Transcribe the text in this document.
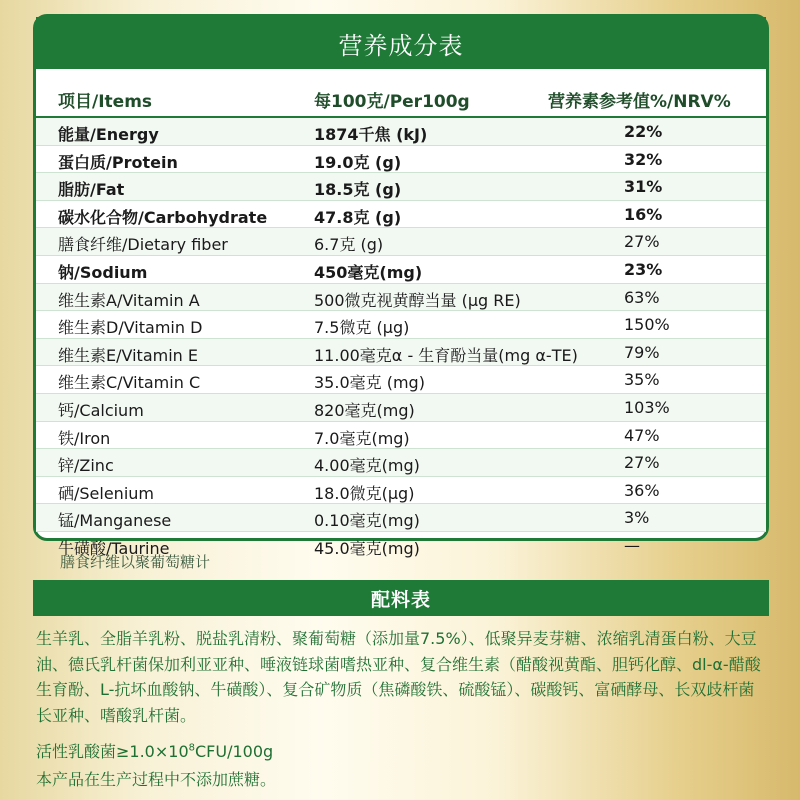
营养成分表
项目/Items	每100克/Per100g	营养素参考值%/NRV%
能量/Energy	1874千焦 (kJ)	22%
蛋白质/Protein	19.0克 (g)	32%
脂肪/Fat	18.5克 (g)	31%
碳水化合物/Carbohydrate	47.8克 (g)	16%
膳食纤维/Dietary fiber	6.7克 (g)	27%
钠/Sodium	450毫克(mg)	23%
维生素A/Vitamin A	500微克视黄醇当量 (μg RE)	63%
维生素D/Vitamin D	7.5微克 (μg)	150%
维生素E/Vitamin E	11.00毫克α - 生育酚当量(mg α-TE)	79%
维生素C/Vitamin C	35.0毫克 (mg)	35%
钙/Calcium	820毫克(mg)	103%
铁/Iron	7.0毫克(mg)	47%
锌/Zinc	4.00毫克(mg)	27%
硒/Selenium	18.0微克(μg)	36%
锰/Manganese	0.10毫克(mg)	3%
牛磺酸/Taurine	45.0毫克(mg)	—
膳食纤维以聚葡萄糖计
配料表
生羊乳、全脂羊乳粉、脱盐乳清粉、聚葡萄糖（添加量7.5%）、低聚异麦芽糖、浓缩乳清蛋白粉、大豆油、德氏乳杆菌保加利亚亚种、唾液链球菌嗜热亚种、复合维生素（醋酸视黄酯、胆钙化醇、dl-α-醋酸生育酚、L-抗坏血酸钠、牛磺酸）、复合矿物质（焦磷酸铁、硫酸锰）、碳酸钙、富硒酵母、长双歧杆菌长亚种、嗜酸乳杆菌。
活性乳酸菌$\ge 1.0\times 10^8CFU/100g$
本产品在生产过程中不添加蔗糖。
